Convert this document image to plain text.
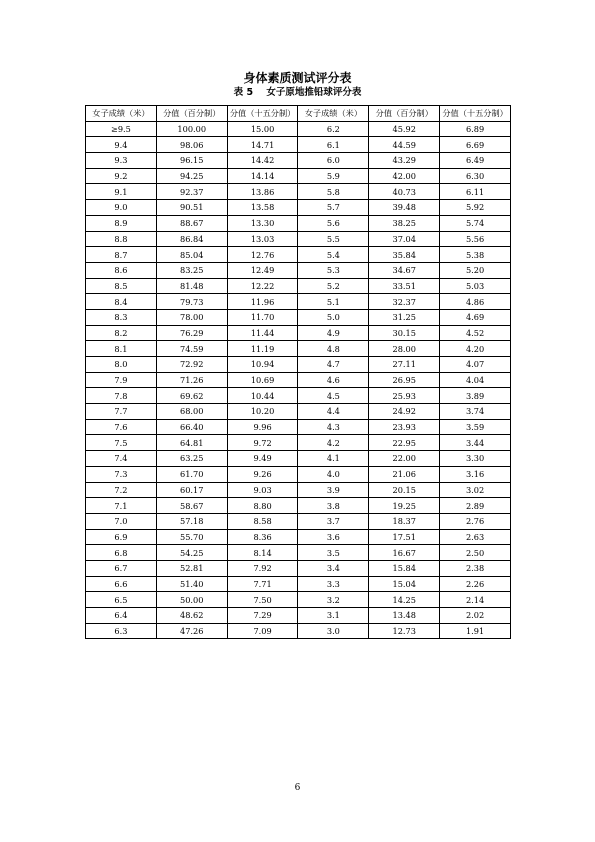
身体素质测试评分表
表 5    女子原地推铅球评分表
女子成绩（米）	分值（百分制）	分值（十五分制）	女子成绩（米）	分值（百分制）	分值（十五分制）
≥9.5	100.00	15.00	6.2	45.92	6.89
9.4	98.06	14.71	6.1	44.59	6.69
9.3	96.15	14.42	6.0	43.29	6.49
9.2	94.25	14.14	5.9	42.00	6.30
9.1	92.37	13.86	5.8	40.73	6.11
9.0	90.51	13.58	5.7	39.48	5.92
8.9	88.67	13.30	5.6	38.25	5.74
8.8	86.84	13.03	5.5	37.04	5.56
8.7	85.04	12.76	5.4	35.84	5.38
8.6	83.25	12.49	5.3	34.67	5.20
8.5	81.48	12.22	5.2	33.51	5.03
8.4	79.73	11.96	5.1	32.37	4.86
8.3	78.00	11.70	5.0	31.25	4.69
8.2	76.29	11.44	4.9	30.15	4.52
8.1	74.59	11.19	4.8	28.00	4.20
8.0	72.92	10.94	4.7	27.11	4.07
7.9	71.26	10.69	4.6	26.95	4.04
7.8	69.62	10.44	4.5	25.93	3.89
7.7	68.00	10.20	4.4	24.92	3.74
7.6	66.40	9.96	4.3	23.93	3.59
7.5	64.81	9.72	4.2	22.95	3.44
7.4	63.25	9.49	4.1	22.00	3.30
7.3	61.70	9.26	4.0	21.06	3.16
7.2	60.17	9.03	3.9	20.15	3.02
7.1	58.67	8.80	3.8	19.25	2.89
7.0	57.18	8.58	3.7	18.37	2.76
6.9	55.70	8.36	3.6	17.51	2.63
6.8	54.25	8.14	3.5	16.67	2.50
6.7	52.81	7.92	3.4	15.84	2.38
6.6	51.40	7.71	3.3	15.04	2.26
6.5	50.00	7.50	3.2	14.25	2.14
6.4	48.62	7.29	3.1	13.48	2.02
6.3	47.26	7.09	3.0	12.73	1.91
6
